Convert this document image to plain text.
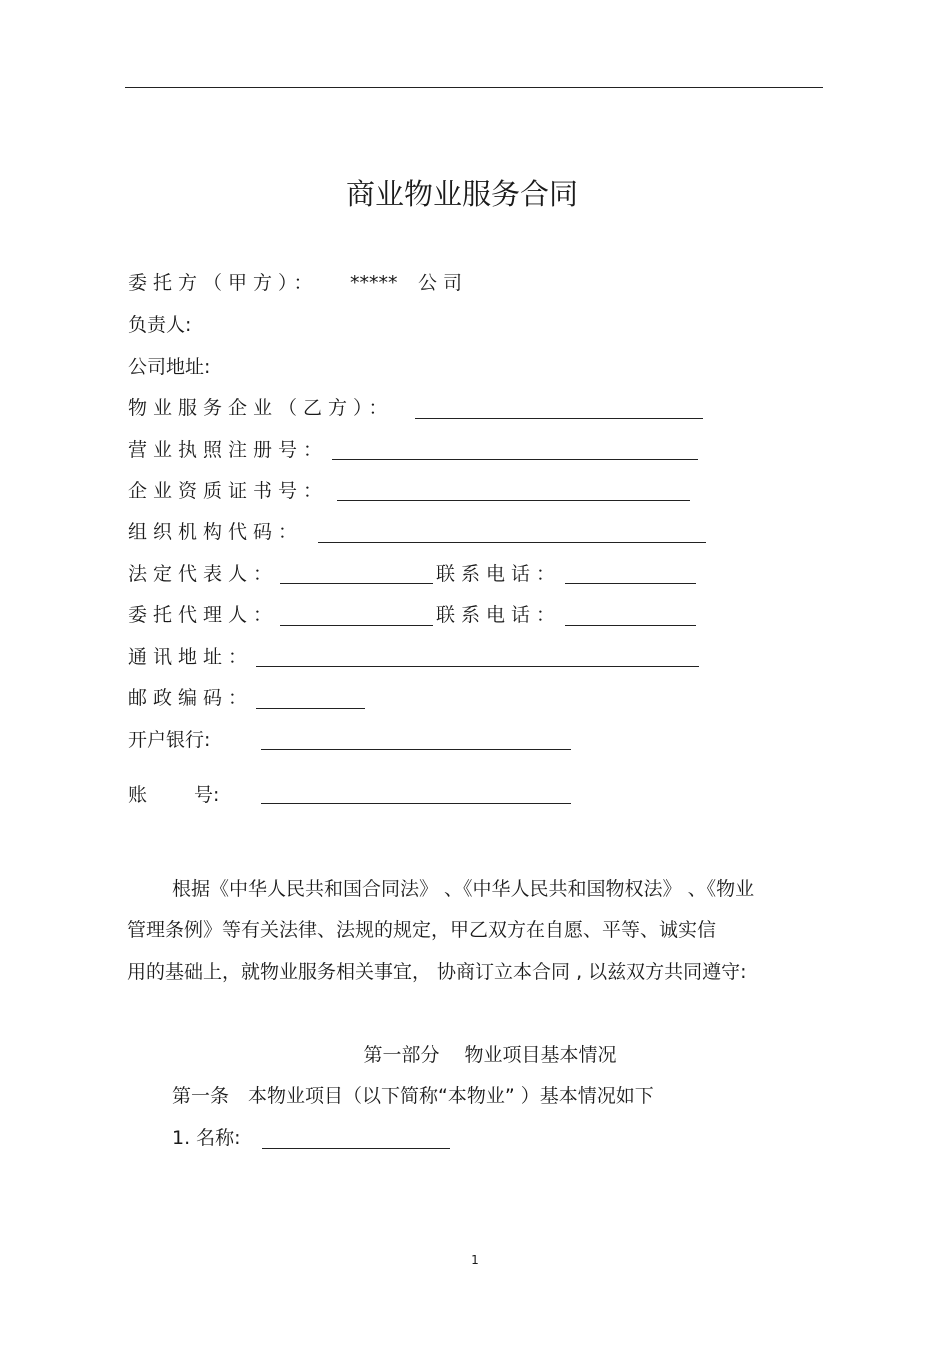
商业物业服务合同
委托方（甲方）： ***** 公司
负责人:
公司地址:
物业服务企业（乙方）：
营业执照注册号：
企业资质证书号：
组织机构代码：
法定代表人：	联系电话：
委托代理人：	联系电话：
通讯地址：
邮政编码：
开户银行:
账 号:
根据《中华人民共和国合同法》 、《中华人民共和国物权法》 、《物业
管理条例》等有关法律、法规的规定，甲乙双方在自愿、平等、诚实信
用的基础上，就物业服务相关事宜， 协商订立本合同 , 以兹双方共同遵守:
第一部分　 物业项目基本情况
第一条　本物业项目（以下简称“本物业” ）基本情况如下
1. 名称:
1
